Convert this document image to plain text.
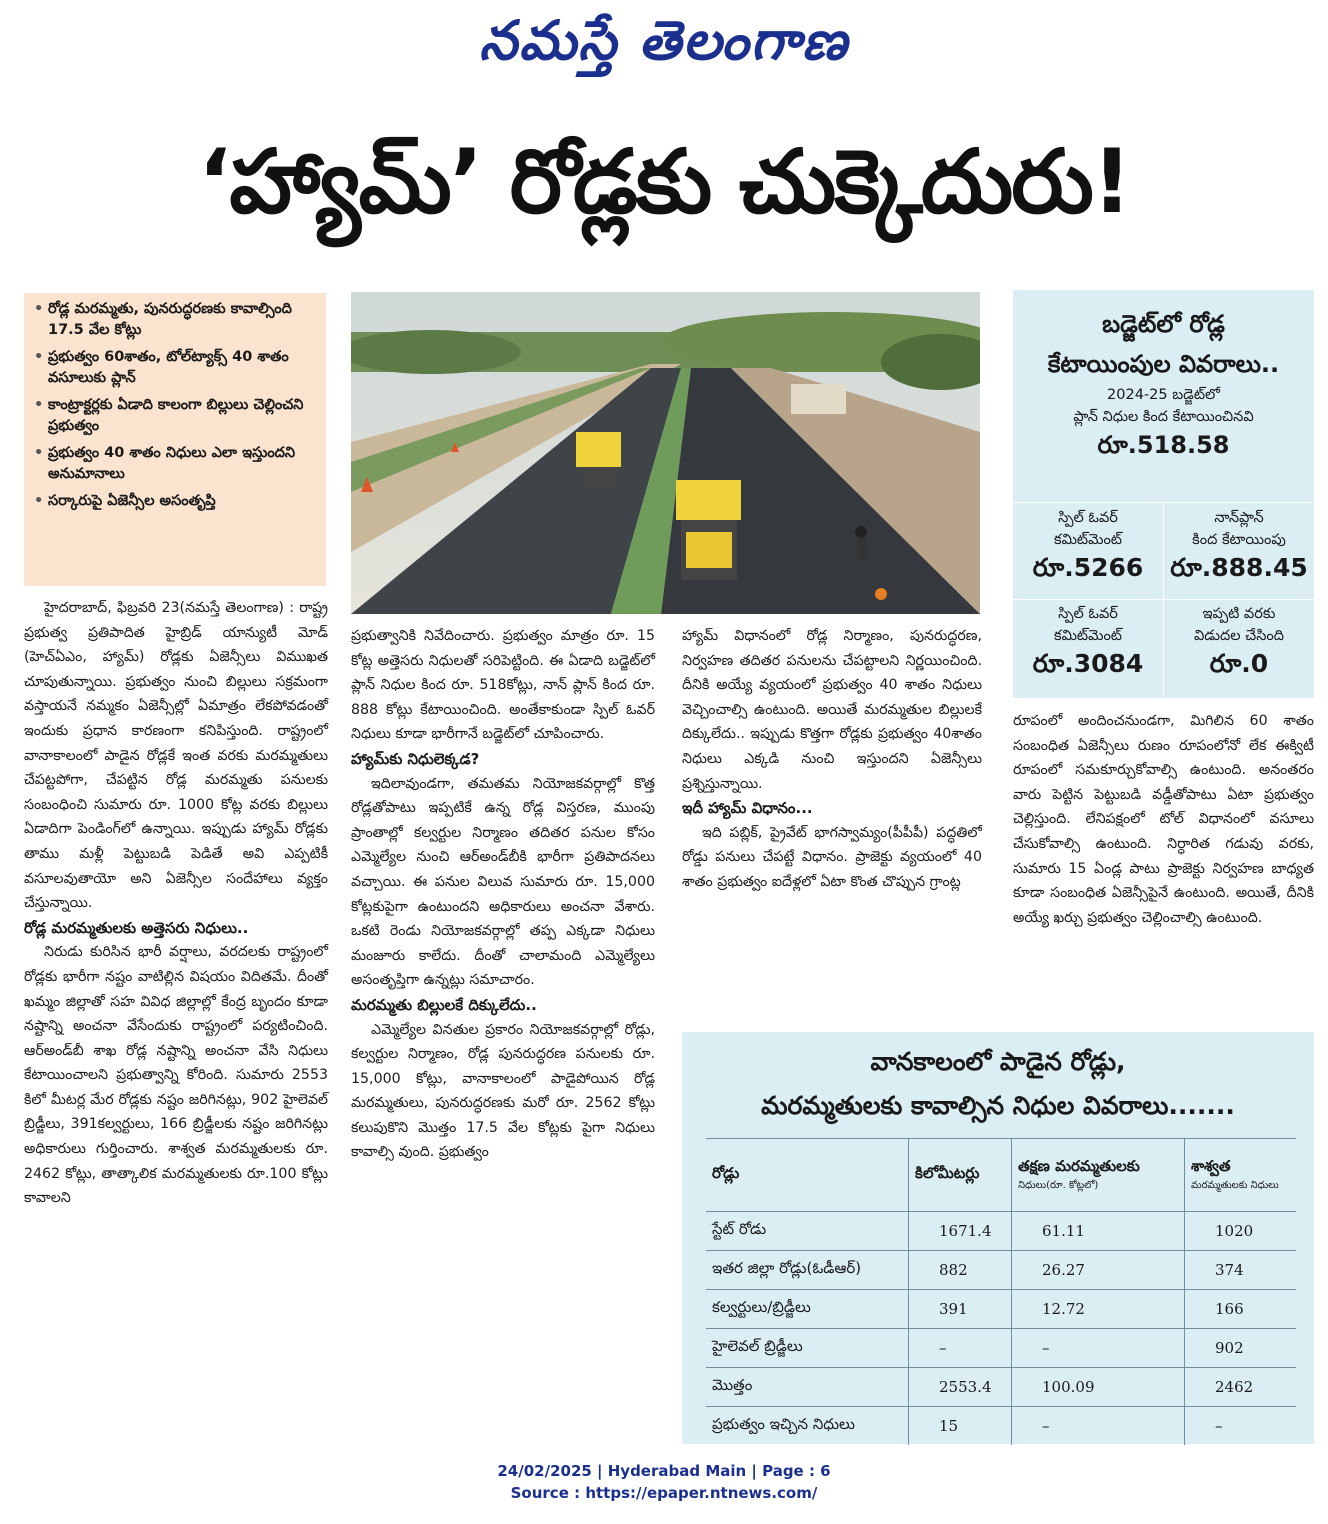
నమస్తే తెలంగాణ
‘హ్యామ్’ రోడ్లకు చుక్కెదురు!
• రోడ్ల మరమ్మతు, పునరుద్ధరణకు కావాల్సింది 17.5 వేల కోట్లు
• ప్రభుత్వం 60శాతం, టోల్‌ట్యాక్స్ 40 శాతం వసూలుకు ప్లాన్
• కాంట్రాక్టర్లకు ఏడాది కాలంగా బిల్లులు చెల్లించని ప్రభుత్వం
• ప్రభుత్వం 40 శాతం నిధులు ఎలా ఇస్తుందని అనుమానాలు
• సర్కారుపై ఏజెన్సీల అసంతృప్తి
బడ్జెట్‌లో రోడ్ల
కేటాయింపుల వివరాలు..
2024-25 బడ్జెట్‌లో
ప్లాన్ నిధుల కింద కేటాయించినవి
రూ.518.58
స్పిల్ ఓవర్
కమిట్‌మెంట్
రూ.5266
నాన్‌ప్లాన్
కింద కేటాయింపు
రూ.888.45
స్పిల్ ఓవర్
కమిట్‌మెంట్
రూ.3084
ఇప్పటి వరకు
విడుదల చేసింది
రూ.0

హైదరాబాద్, ఫిబ్రవరి 23(నమస్తే తెలంగాణ) : రాష్ట్ర ప్రభుత్వ ప్రతిపాదిత హైబ్రిడ్ యాన్యుటీ మోడ్ (హెచ్ఏఎం, హ్యామ్) రోడ్లకు ఏజెన్సీలు విముఖత చూపుతున్నాయి. ప్రభుత్వం నుంచి బిల్లులు సక్రమంగా వస్తాయనే నమ్మకం ఏజెన్సీల్లో ఏమాత్రం లేకపోవడంతో ఇందుకు ప్రధాన కారణంగా కనిపిస్తుంది. రాష్ట్రంలో వానాకాలంలో పాడైన రోడ్లకే ఇంత వరకు మరమ్మతులు చేపట్టపోగా, చేపట్టిన రోడ్ల మరమ్మతు పనులకు సంబంధించి సుమారు రూ. 1000 కోట్ల వరకు బిల్లులు ఏడాదిగా పెండింగ్‌లో ఉన్నాయి. ఇప్పుడు హ్యామ్ రోడ్లకు తాము మళ్లీ పెట్టుబడి పెడితే అవి ఎప్పటికీ వసూలవుతాయో అని ఏజెన్సీల సందేహాలు వ్యక్తం చేస్తున్నాయి.

రోడ్ల మరమ్మతులకు అత్తెసరు నిధులు..

నిరుడు కురిసిన భారీ వర్షాలు, వరదలకు రాష్ట్రంలో రోడ్లకు భారీగా నష్టం వాటిల్లిన విషయం విదితమే. దీంతో ఖమ్మం జిల్లాతో సహ వివిధ జిల్లాల్లో కేంద్ర బృందం కూడా నష్టాన్ని అంచనా వేసేందుకు రాష్ట్రంలో పర్యటించింది. ఆర్అండ్‌బీ శాఖ రోడ్ల నష్టాన్ని అంచనా వేసి నిధులు కేటాయించాలని ప్రభుత్వాన్ని కోరింది. సుమారు 2553 కిలో మీటర్ల మేర రోడ్లకు నష్టం జరిగినట్లు, 902 హైలెవల్ బ్రిడ్జీలు, 391కల్వర్టులు, 166 బ్రిడ్జీలకు నష్టం జరిగినట్లు అధికారులు గుర్తించారు. శాశ్వత మరమ్మతులకు రూ. 2462 కోట్లు, తాత్కాలిక మరమ్మతులకు రూ.100 కోట్లు కావాలని

ప్రభుత్వానికి నివేదించారు. ప్రభుత్వం మాత్రం రూ. 15 కోట్ల అత్తెసరు నిధులతో సరిపెట్టింది. ఈ ఏడాది బడ్జెట్‌లో ప్లాన్ నిధుల కింద రూ. 518కోట్లు, నాన్ ప్లాన్ కింద రూ. 888 కోట్లు కేటాయించింది. అంతేకాకుండా స్పిల్ ఓవర్ నిధులు కూడా భారీగానే బడ్జెట్‌లో చూపించారు.

హ్యామ్‌కు నిధులెక్కడ?

ఇదిలావుండగా, తమతమ నియోజకవర్గాల్లో కొత్త రోడ్లతోపాటు ఇప్పటికే ఉన్న రోడ్ల విస్తరణ, ముంపు ప్రాంతాల్లో కల్వర్టుల నిర్మాణం తదితర పనుల కోసం ఎమ్మెల్యేల నుంచి ఆర్అండ్‌బీకి భారీగా ప్రతిపాదనలు వచ్చాయి. ఈ పనుల విలువ సుమారు రూ. 15,000 కోట్లకుపైగా ఉంటుందని అధికారులు అంచనా వేశారు. ఒకటి రెండు నియోజకవర్గాల్లో తప్ప ఎక్కడా నిధులు మంజూరు కాలేదు. దీంతో చాలామంది ఎమ్మెల్యేలు అసంతృప్తిగా ఉన్నట్లు సమాచారం.

మరమ్మతు బిల్లులకే దిక్కులేదు..

ఎమ్మెల్యేల వినతుల ప్రకారం నియోజకవర్గాల్లో రోడ్లు, కల్వర్టుల నిర్మాణం, రోడ్ల పునరుద్ధరణ పనులకు రూ. 15,000 కోట్లు, వానాకాలంలో పాడైపోయిన రోడ్ల మరమ్మతులు, పునరుద్ధరణకు మరో రూ. 2562 కోట్లు కలుపుకొని మొత్తం 17.5 వేల కోట్లకు పైగా నిధులు కావాల్సి వుంది. ప్రభుత్వం

హ్యామ్ విధానంలో రోడ్ల నిర్మాణం, పునరుద్ధరణ, నిర్వహణ తదితర పనులను చేపట్టాలని నిర్ణయించింది. దీనికి అయ్యే వ్యయంలో ప్రభుత్వం 40 శాతం నిధులు వెచ్చించాల్సి ఉంటుంది. అయితే మరమ్మతుల బిల్లులకే దిక్కులేదు.. ఇప్పుడు కొత్తగా రోడ్లకు ప్రభుత్వం 40శాతం నిధులు ఎక్కడి నుంచి ఇస్తుందని ఏజెన్సీలు ప్రశ్నిస్తున్నాయి.

ఇదీ హ్యామ్ విధానం...

ఇది పబ్లిక్, ప్రైవేట్ భాగస్వామ్యం(పీపీపీ) పద్ధతిలో రోడ్డు పనులు చేపట్టే విధానం. ప్రాజెక్టు వ్యయంలో 40 శాతం ప్రభుత్వం ఐదేళ్లలో ఏటా కొంత చొప్పున గ్రాంట్ల

రూపంలో అందించనుండగా, మిగిలిన 60 శాతం సంబంధిత ఏజెన్సీలు రుణం రూపంలోనో లేక ఈక్విటీ రూపంలో సమకూర్చుకోవాల్సి ఉంటుంది. అనంతరం వారు పెట్టిన పెట్టుబడి వడ్డీతోపాటు ఏటా ప్రభుత్వం చెల్లిస్తుంది. లేనిపక్షంలో టోల్ విధానంలో వసూలు చేసుకోవాల్సి ఉంటుంది. నిర్ధారిత గడువు వరకు, సుమారు 15 ఏండ్ల పాటు ప్రాజెక్టు నిర్వహణ బాధ్యత కూడా సంబంధిత ఏజెన్సీపైనే ఉంటుంది. అయితే, దీనికి అయ్యే ఖర్చు ప్రభుత్వం చెల్లించాల్సి ఉంటుంది.

వానకాలంలో పాడైన రోడ్లు,
మరమ్మతులకు కావాల్సిన నిధుల వివరాలు.......
రోడ్లు	కిలోమీటర్లు	తక్షణ మరమ్మతులకు
నిధులు(రూ. కోట్లలో)	శాశ్వత
మరమ్మతులకు నిధులు

స్టేట్ రోడు	1671.4	61.11	1020
ఇతర జిల్లా రోడ్లు(ఓడీఆర్)	882	26.27	374
కల్వర్టులు/బ్రిడ్జీలు	391	12.72	166
హైలెవల్ బ్రిడ్జీలు	–	–	902
మొత్తం	2553.4	100.09	2462
ప్రభుత్వం ఇచ్చిన నిధులు	15	–	–
24/02/2025 | Hyderabad Main | Page : 6
Source : https://epaper.ntnews.com/
